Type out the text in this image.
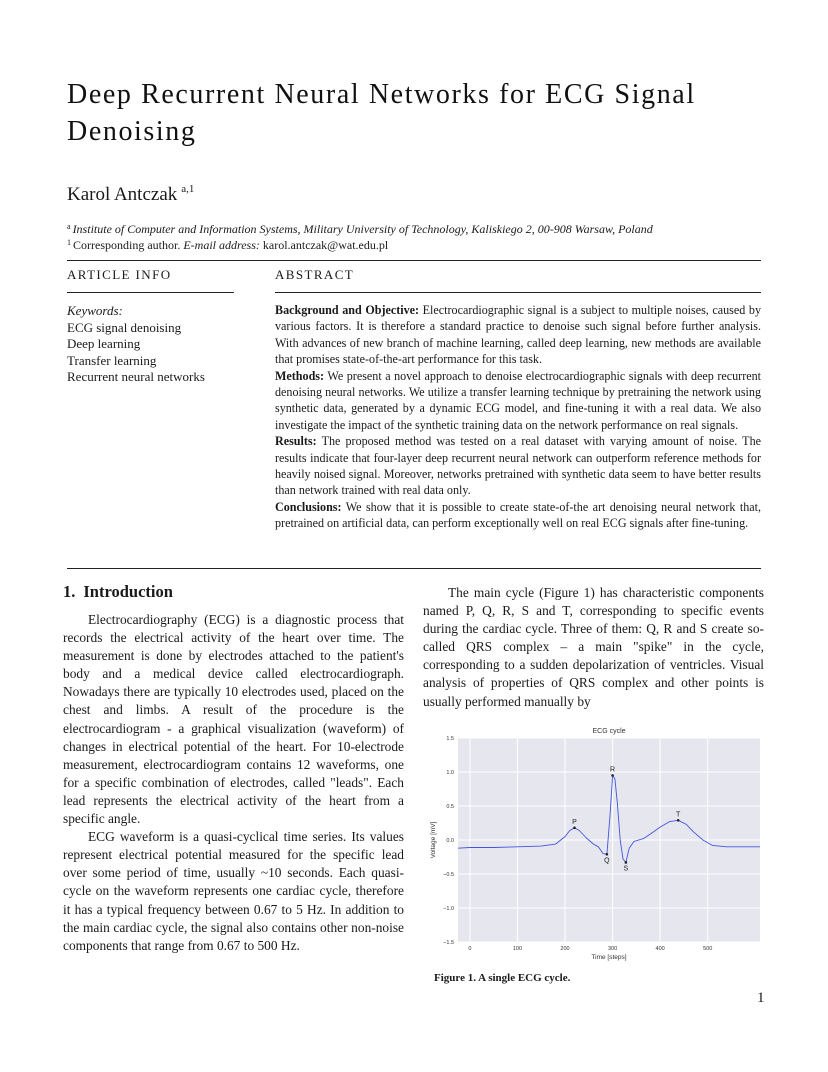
Deep Recurrent Neural Networks for ECG Signal Denoising
Karol Antczak $^{a,1}$
$^a$ Institute of Computer and Information Systems, Military University of Technology, Kaliskiego 2, 00-908 Warsaw, Poland
$^1$ Corresponding author. E-mail address: karol.antczak@wat.edu.pl
ARTICLE INFO	ABSTRACT
Keywords:
ECG signal denoising
Deep learning
Transfer learning
Recurrent neural networks

Background and Objective: Electrocardiographic signal is a subject to multiple noises, caused by various factors. It is therefore a standard practice to denoise such signal before further analysis. With advances of new branch of machine learning, called deep learning, new methods are available that promises state-of-the-art performance for this task.

Methods: We present a novel approach to denoise electrocardiographic signals with deep recurrent denoising neural networks. We utilize a transfer learning technique by pretraining the network using synthetic data, generated by a dynamic ECG model, and fine-tuning it with a real data. We also investigate the impact of the synthetic training data on the network performance on real signals.

Results: The proposed method was tested on a real dataset with varying amount of noise. The results indicate that four-layer deep recurrent neural network can outperform reference methods for heavily noised signal. Moreover, networks pretrained with synthetic data seem to have better results than network trained with real data only.

Conclusions: We show that it is possible to create state-of-the art denoising neural network that, pretrained on artificial data, can perform exceptionally well on real ECG signals after fine-tuning.

1. Introduction

Electrocardiography (ECG) is a diagnostic process that records the electrical activity of the heart over time. The measurement is done by electrodes attached to the patient's body and a medical device called electrocardiograph. Nowadays there are typically 10 electrodes used, placed on the chest and limbs. A result of the procedure is the electrocardiogram - a graphical visualization (waveform) of changes in electrical potential of the heart. For 10-electrode measurement, electrocardiogram contains 12 waveforms, one for a specific combination of electrodes, called "leads". Each lead represents the electrical activity of the heart from a specific angle.

ECG waveform is a quasi-cyclical time series. Its values represent electrical potential measured for the specific lead over some period of time, usually ~10 seconds. Each quasi-cycle on the waveform represents one cardiac cycle, therefore it has a typical frequency between 0.67 to 5 Hz. In addition to the main cardiac cycle, the signal also contains other non-noise components that range from 0.67 to 500 Hz.

The main cycle (Figure 1) has characteristic components named P, Q, R, S and T, corresponding to specific events during the cardiac cycle. Three of them: Q, R and S create so-called QRS complex – a main "spike" in the cycle, corresponding to a sudden depolarization of ventricles. Visual analysis of properties of QRS complex and other points is usually performed manually by

0	100	200	300	400	500
−1.5
−1.0
−0.5
0.0
0.5
1.0
1.5
P
Q
R
S
T
ECG cycle
Time [steps]
Voltage [mV]
Figure 1. A single ECG cycle.
1
